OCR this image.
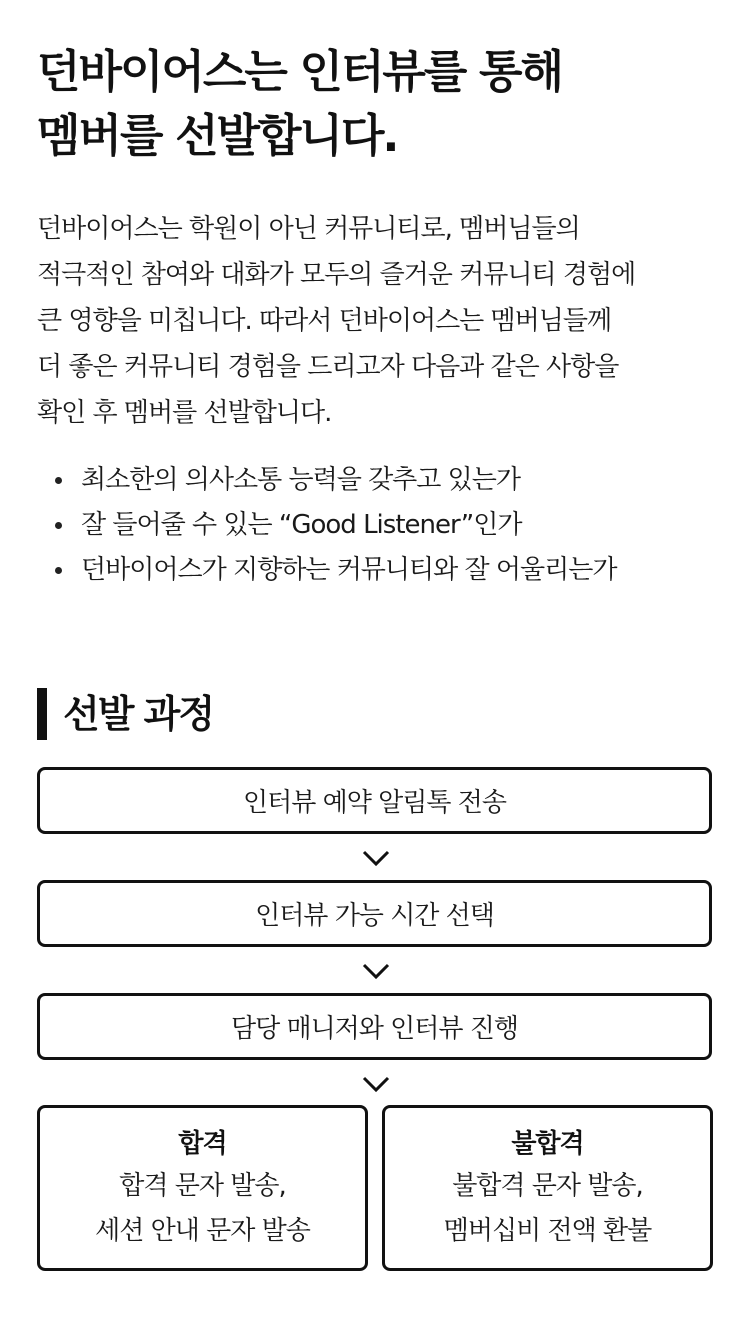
던바이어스는 인터뷰를 통해
멤버를 선발합니다.

던바이어스는 학원이 아닌 커뮤니티로, 멤버님들의
적극적인 참여와 대화가 모두의 즐거운 커뮤니티 경험에
큰 영향을 미칩니다. 따라서 던바이어스는 멤버님들께
더 좋은 커뮤니티 경험을 드리고자 다음과 같은 사항을
확인 후 멤버를 선발합니다.

최소한의 의사소통 능력을 갖추고 있는가
잘 들어줄 수 있는 “Good Listener”인가
던바이어스가 지향하는 커뮤니티와 잘 어울리는가
선발 과정
인터뷰 예약 알림톡 전송
인터뷰 가능 시간 선택
담당 매니저와 인터뷰 진행
합격
합격 문자 발송,
세션 안내 문자 발송
불합격
불합격 문자 발송,
멤버십비 전액 환불
